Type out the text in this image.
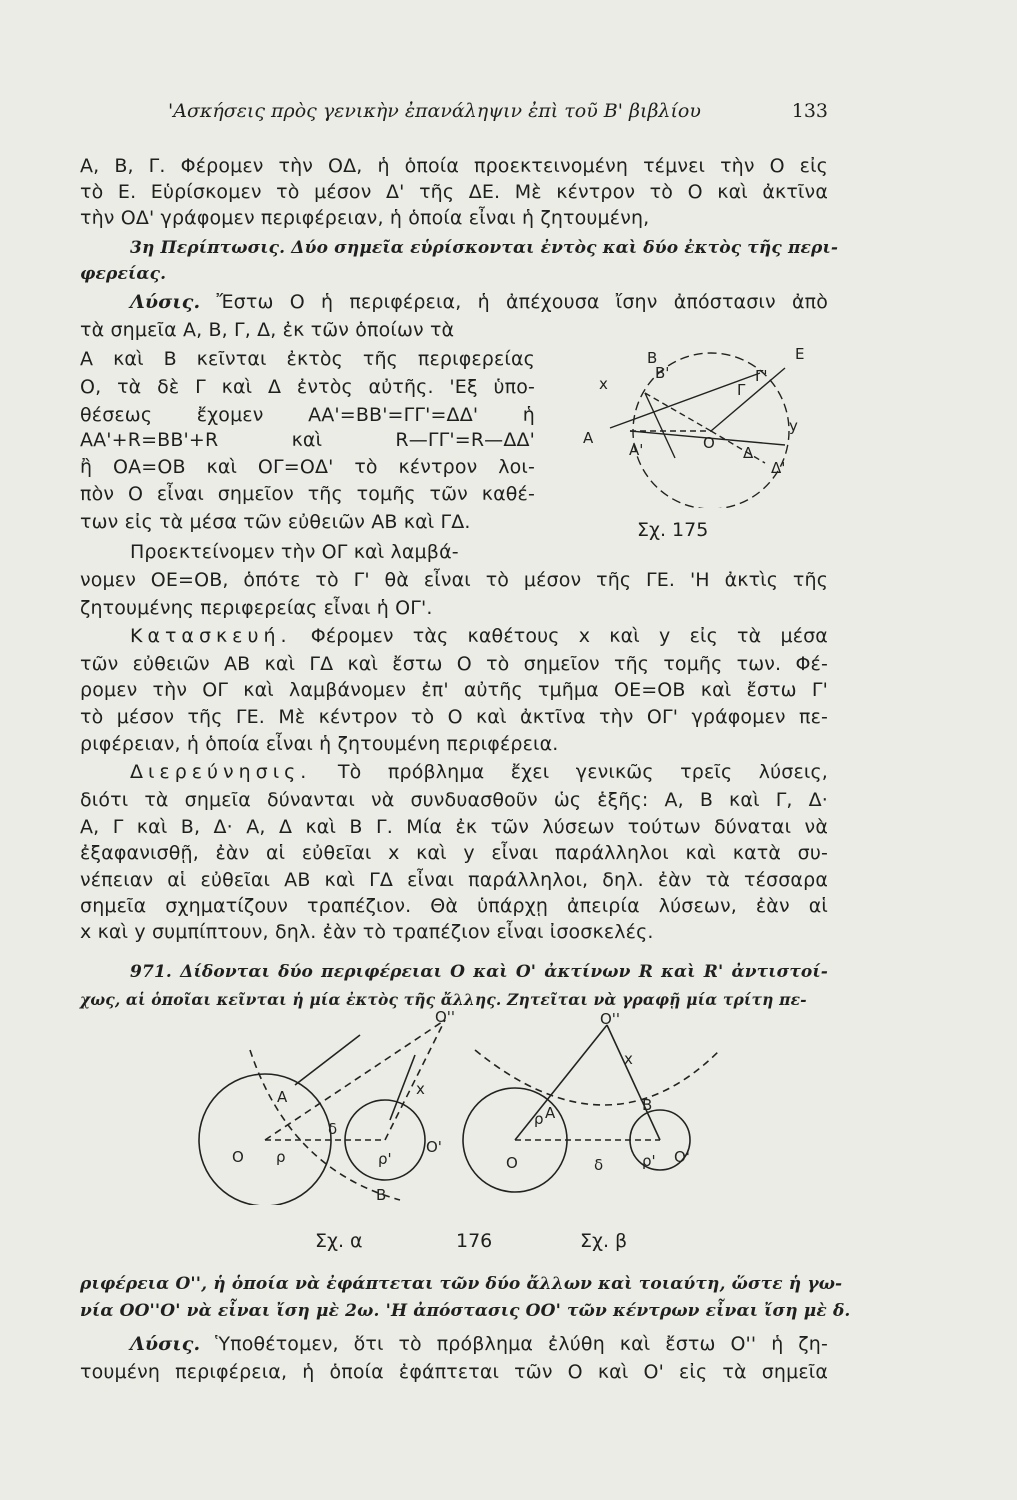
'Ασκήσεις πρὸς γενικὴν ἐπανάληψιν ἐπὶ τοῦ Β' βιβλίου	133
Α, Β, Γ. Φέρομεν τὴν ΟΔ, ἡ ὁποία προεκτεινομένη τέμνει τὴν Ο εἰς
τὸ Ε. Εὑρίσκομεν τὸ μέσον Δ' τῆς ΔΕ. Μὲ κέντρον τὸ Ο καὶ ἀκτῖνα
τὴν ΟΔ' γράφομεν περιφέρειαν, ἡ ὁποία εἶναι ἡ ζητουμένη,
3η Περίπτωσις. Δύο σημεῖα εὑρίσκονται ἐντὸς καὶ δύο ἐκτὸς τῆς περι-
φερείας.
Λύσις. Ἔστω Ο ἡ περιφέρεια, ἡ ἀπέχουσα ἴσην ἀπόστασιν ἀπὸ
τὰ σημεῖα Α, Β, Γ, Δ, ἐκ τῶν ὁποίων τὰ
Α καὶ Β κεῖνται ἐκτὸς τῆς περιφερείας
Ο, τὰ δὲ Γ καὶ Δ ἐντὸς αὐτῆς. 'Εξ ὑπο-
θέσεως ἔχομεν ΑΑ'=ΒΒ'=ΓΓ'=ΔΔ' ἡ
ΑΑ'+R=ΒΒ'+R καὶ R—ΓΓ'=R—ΔΔ'
ἢ ΟΑ=ΟΒ καὶ ΟΓ=ΟΔ' τὸ κέντρον λοι-
πὸν Ο εἶναι σημεῖον τῆς τομῆς τῶν καθέ-
των εἰς τὰ μέσα τῶν εὐθειῶν ΑΒ καὶ ΓΔ.
Α
Α'
Β
Β'
Γ
Γ'
Δ
Δ'
Ε
Ο
x
y
Σχ. 175
Προεκτείνομεν τὴν ΟΓ καὶ λαμβά-
νομεν ΟΕ=ΟΒ, ὁπότε τὸ Γ' θὰ εἶναι τὸ μέσον τῆς ΓΕ. 'Η ἀκτὶς τῆς
ζητουμένης περιφερείας εἶναι ἡ ΟΓ'.
Κατασκευή. Φέρομεν τὰς καθέτους x καὶ y εἰς τὰ μέσα
τῶν εὐθειῶν ΑΒ καὶ ΓΔ καὶ ἔστω Ο τὸ σημεῖον τῆς τομῆς των. Φέ-
ρομεν τὴν ΟΓ καὶ λαμβάνομεν ἐπ' αὐτῆς τμῆμα ΟΕ=ΟΒ καὶ ἔστω Γ'
τὸ μέσον τῆς ΓΕ. Μὲ κέντρον τὸ Ο καὶ ἀκτῖνα τὴν ΟΓ' γράφομεν πε-
ριφέρειαν, ἡ ὁποία εἶναι ἡ ζητουμένη περιφέρεια.
Διερεύνησις. Τὸ πρόβλημα ἔχει γενικῶς τρεῖς λύσεις,
διότι τὰ σημεῖα δύνανται νὰ συνδυασθοῦν ὡς ἑξῆς: Α, Β καὶ Γ, Δ·
Α, Γ καὶ Β, Δ· Α, Δ καὶ Β Γ. Μία ἐκ τῶν λύσεων τούτων δύναται νὰ
ἐξαφανισθῇ, ἐὰν αἱ εὐθεῖαι x καὶ y εἶναι παράλληλοι καὶ κατὰ συ-
νέπειαν αἱ εὐθεῖαι ΑΒ καὶ ΓΔ εἶναι παράλληλοι, δηλ. ἐὰν τὰ τέσσαρα
σημεῖα σχηματίζουν τραπέζιον. Θὰ ὑπάρχῃ ἀπειρία λύσεων, ἐὰν αἱ
x καὶ y συμπίπτουν, δηλ. ἐὰν τὸ τραπέζιον εἶναι ἰσοσκελές.
971. Δίδονται δύο περιφέρειαι Ο καὶ Ο' ἀκτίνων R καὶ R' ἀντιστοί-
χως, αἱ ὁποῖαι κεῖνται ἡ μία ἐκτὸς τῆς ἄλλης. Ζητεῖται νὰ γραφῇ μία τρίτη πε-
Ο ρ
Α
δ
ρ'
Ο'
Β
Ο''
x
Ο
Α
ρ
δ	ρ' Ο'
Β
Ο''
x
Σχ. α	176	Σχ. β
ριφέρεια Ο'', ἡ ὁποία νὰ ἐφάπτεται τῶν δύο ἄλλων καὶ τοιαύτη, ὥστε ἡ γω-
νία ΟΟ''Ο' νὰ εἶναι ἴση μὲ 2ω. 'Η ἀπόστασις ΟΟ' τῶν κέντρων εἶναι ἴση μὲ δ.
Λύσις. Ὑποθέτομεν, ὅτι τὸ πρόβλημα ἐλύθη καὶ ἔστω Ο'' ἡ ζη-
τουμένη περιφέρεια, ἡ ὁποία ἐφάπτεται τῶν Ο καὶ Ο' εἰς τὰ σημεῖα
